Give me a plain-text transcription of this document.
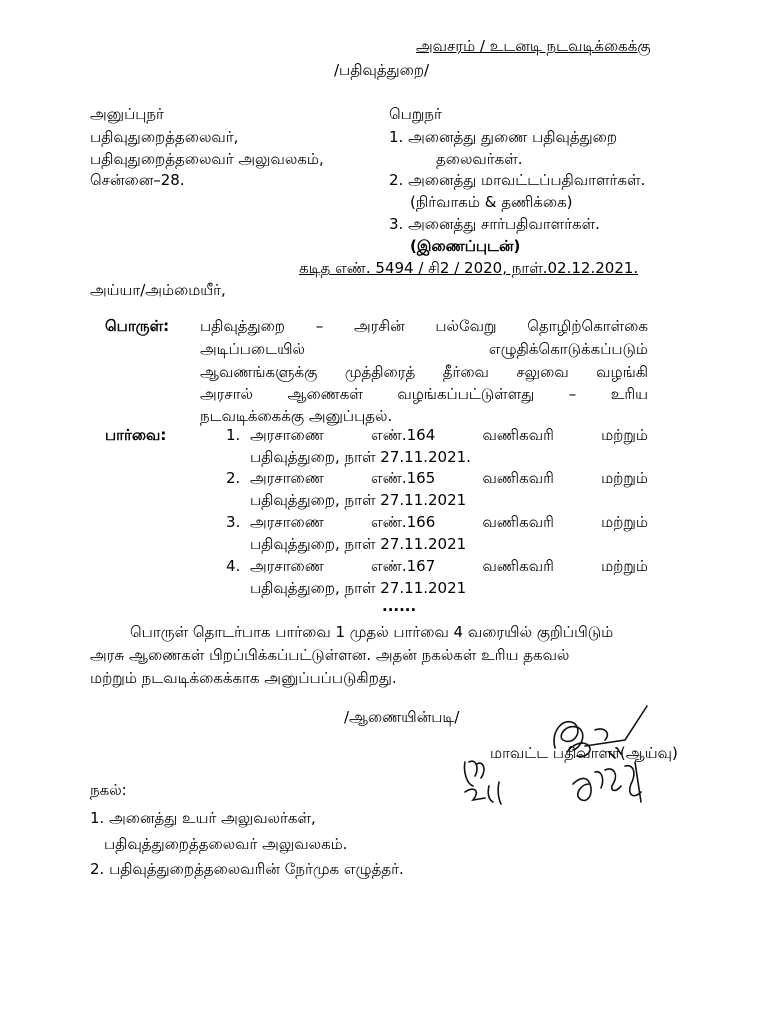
அவசரம் / உடனடி நடவடிக்கைக்கு
/பதிவுத்துறை/
அனுப்புநர்
பதிவுதுறைத்தலைவர்,
பதிவுதுறைத்தலைவர் அலுவலகம்,
சென்னை–28.
பெறுநர்
1. அனைத்து துணை பதிவுத்துறை
தலைவர்கள்.
2. அனைத்து மாவட்டப்பதிவாளர்கள்.
(நிர்வாகம் & தணிக்கை)
3. அனைத்து சார்பதிவாளர்கள்.
(இணைப்புடன்)
கடித எண். 5494 / சி2 / 2020, நாள்.02.12.2021.
அய்யா/அம்மையீர்,
பொருள்: பதிவுத்துறை – அரசின் பல்வேறு தொழிற்கொள்கை
அடிப்படையில்	எழுதிக்கொடுக்கப்படும்
ஆவணங்களுக்கு முத்திரைத் தீர்வை சலுவை வழங்கி
அரசால் ஆணைகள் வழங்கப்பட்டுள்ளது – உரிய
நடவடிக்கைக்கு அனுப்புதல்.
பார்வை:	1. அரசாணை	எண்.164	வணிகவரி	மற்றும்
பதிவுத்துறை, நாள் 27.11.2021.
2. அரசாணை	எண்.165	வணிகவரி	மற்றும்
பதிவுத்துறை, நாள் 27.11.2021
3. அரசாணை	எண்.166	வணிகவரி	மற்றும்
பதிவுத்துறை, நாள் 27.11.2021
4. அரசாணை	எண்.167	வணிகவரி	மற்றும்
பதிவுத்துறை, நாள் 27.11.2021
......
பொருள் தொடர்பாக பார்வை 1 முதல் பார்வை 4 வரையில் குறிப்பிடும்
அரசு ஆணைகள் பிறப்பிக்கப்பட்டுள்ளன. அதன் நகல்கள் உரிய தகவல்
மற்றும் நடவடிக்கைக்காக அனுப்பப்படுகிறது.
/ஆணையின்படி/
மாவட்ட பதிவாளர்(ஆய்வு)
நகல்:
1. அனைத்து உயர் அலுவலர்கள்,
பதிவுத்துறைத்தலைவர் அலுவலகம்.
2. பதிவுத்துறைத்தலைவரின் நேர்முக எழுத்தர்.
